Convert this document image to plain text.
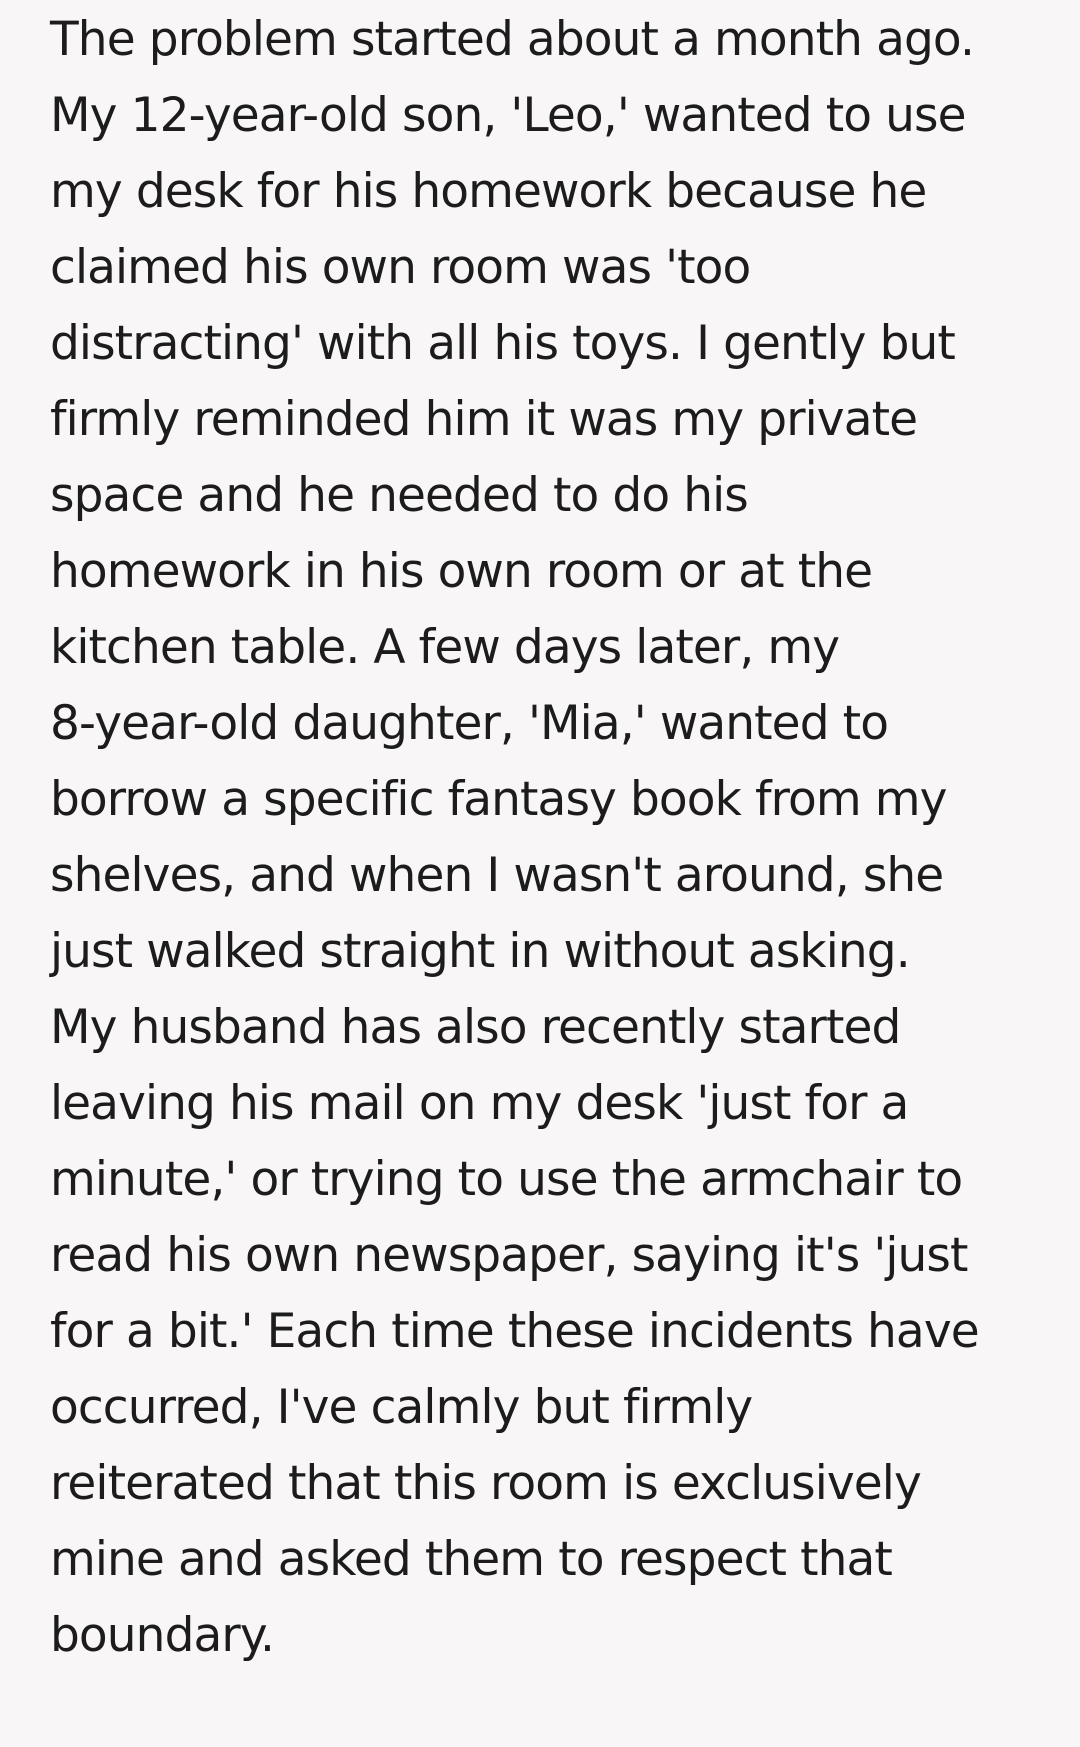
The problem started about a month ago.
My 12-year-old son, 'Leo,' wanted to use
my desk for his homework because he
claimed his own room was 'too
distracting' with all his toys. I gently but
firmly reminded him it was my private
space and he needed to do his
homework in his own room or at the
kitchen table. A few days later, my
8-year-old daughter, 'Mia,' wanted to
borrow a specific fantasy book from my
shelves, and when I wasn't around, she
just walked straight in without asking.
My husband has also recently started
leaving his mail on my desk 'just for a
minute,' or trying to use the armchair to
read his own newspaper, saying it's 'just
for a bit.' Each time these incidents have
occurred, I've calmly but firmly
reiterated that this room is exclusively
mine and asked them to respect that
boundary.
